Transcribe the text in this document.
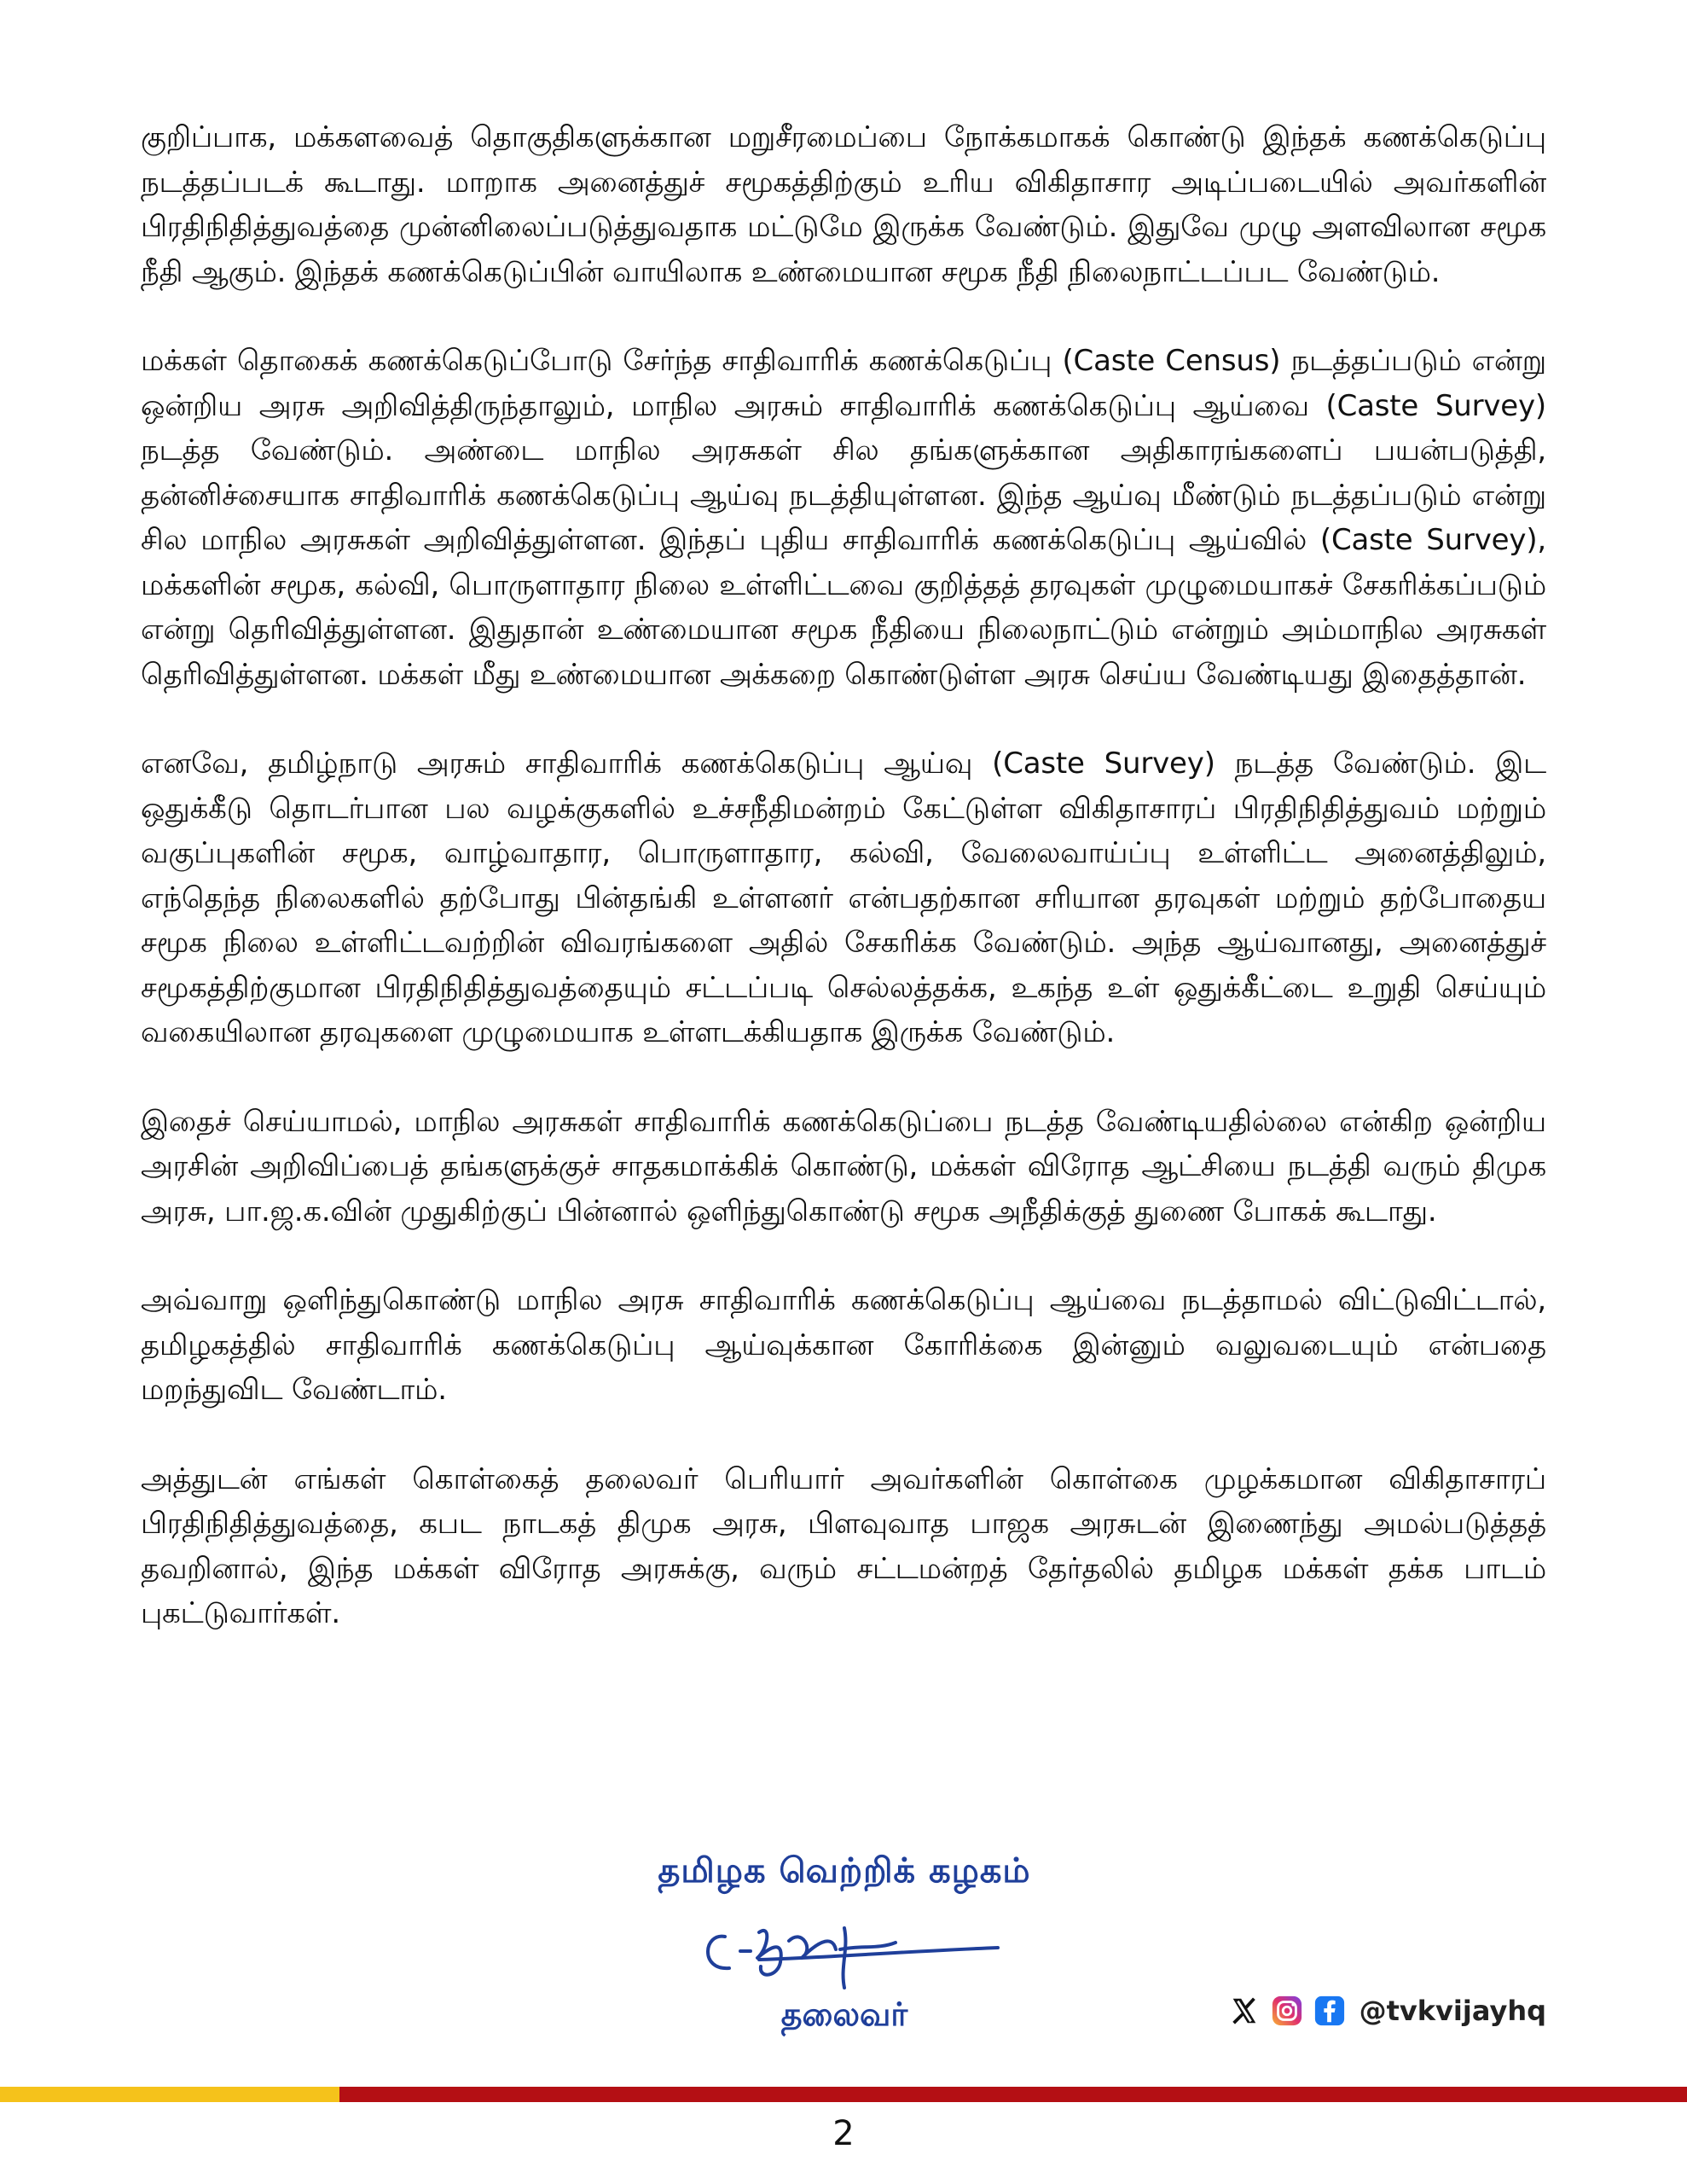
குறிப்பாக, மக்களவைத் தொகுதிகளுக்கான மறுசீரமைப்பை நோக்கமாகக் கொண்டு இந்தக் கணக்கெடுப்பு நடத்தப்படக் கூடாது. மாறாக அனைத்துச் சமூகத்திற்கும் உரிய விகிதாசார அடிப்படையில் அவர்களின் பிரதிநிதித்துவத்தை முன்னிலைப்படுத்துவதாக மட்டுமே இருக்க வேண்டும். இதுவே முழு அளவிலான சமூக நீதி ஆகும். இந்தக் கணக்கெடுப்பின் வாயிலாக உண்மையான சமூக நீதி நிலைநாட்டப்பட வேண்டும்.

மக்கள் தொகைக் கணக்கெடுப்போடு சேர்ந்த சாதிவாரிக் கணக்கெடுப்பு (Caste Census) நடத்தப்படும் என்று ஒன்றிய அரசு அறிவித்திருந்தாலும், மாநில அரசும் சாதிவாரிக் கணக்கெடுப்பு ஆய்வை (Caste Survey) நடத்த வேண்டும். அண்டை மாநில அரசுகள் சில தங்களுக்கான அதிகாரங்களைப் பயன்படுத்தி, தன்னிச்சையாக சாதிவாரிக் கணக்கெடுப்பு ஆய்வு நடத்தியுள்ளன. இந்த ஆய்வு மீண்டும் நடத்தப்படும் என்று சில மாநில அரசுகள் அறிவித்துள்ளன. இந்தப் புதிய சாதிவாரிக் கணக்கெடுப்பு ஆய்வில் (Caste Survey), மக்களின் சமூக, கல்வி, பொருளாதார நிலை உள்ளிட்டவை குறித்தத் தரவுகள் முழுமையாகச் சேகரிக்கப்படும் என்று தெரிவித்துள்ளன. இதுதான் உண்மையான சமூக நீதியை நிலைநாட்டும் என்றும் அம்மாநில அரசுகள் தெரிவித்துள்ளன. மக்கள் மீது உண்மையான அக்கறை கொண்டுள்ள அரசு செய்ய வேண்டியது இதைத்தான்.

எனவே, தமிழ்நாடு அரசும் சாதிவாரிக் கணக்கெடுப்பு ஆய்வு (Caste Survey) நடத்த வேண்டும். இட ஒதுக்கீடு தொடர்பான பல வழக்குகளில் உச்சநீதிமன்றம் கேட்டுள்ள விகிதாசாரப் பிரதிநிதித்துவம் மற்றும் வகுப்புகளின் சமூக, வாழ்வாதார, பொருளாதார, கல்வி, வேலைவாய்ப்பு உள்ளிட்ட அனைத்திலும், எந்தெந்த நிலைகளில் தற்போது பின்தங்கி உள்ளனர் என்பதற்கான சரியான தரவுகள் மற்றும் தற்போதைய சமூக நிலை உள்ளிட்டவற்றின் விவரங்களை அதில் சேகரிக்க வேண்டும். அந்த ஆய்வானது, அனைத்துச் சமூகத்திற்குமான பிரதிநிதித்துவத்தையும் சட்டப்படி செல்லத்தக்க, உகந்த உள் ஒதுக்கீட்டை உறுதி செய்யும் வகையிலான தரவுகளை முழுமையாக உள்ளடக்கியதாக இருக்க வேண்டும்.

இதைச் செய்யாமல், மாநில அரசுகள் சாதிவாரிக் கணக்கெடுப்பை நடத்த வேண்டியதில்லை என்கிற ஒன்றிய அரசின் அறிவிப்பைத் தங்களுக்குச் சாதகமாக்கிக் கொண்டு, மக்கள் விரோத ஆட்சியை நடத்தி வரும் திமுக அரசு, பா.ஜ.க.வின் முதுகிற்குப் பின்னால் ஒளிந்துகொண்டு சமூக அநீதிக்குத் துணை போகக் கூடாது.

அவ்வாறு ஒளிந்துகொண்டு மாநில அரசு சாதிவாரிக் கணக்கெடுப்பு ஆய்வை நடத்தாமல் விட்டுவிட்டால், தமிழகத்தில் சாதிவாரிக் கணக்கெடுப்பு ஆய்வுக்கான கோரிக்கை இன்னும் வலுவடையும் என்பதை மறந்துவிட வேண்டாம்.

அத்துடன் எங்கள் கொள்கைத் தலைவர் பெரியார் அவர்களின் கொள்கை முழக்கமான விகிதாசாரப் பிரதிநிதித்துவத்தை, கபட நாடகத் திமுக அரசு, பிளவுவாத பாஜக அரசுடன் இணைந்து அமல்படுத்தத் தவறினால், இந்த மக்கள் விரோத அரசுக்கு, வரும் சட்டமன்றத் தேர்தலில் தமிழக மக்கள் தக்க பாடம் புகட்டுவார்கள்.

தமிழக வெற்றிக் கழகம்
தலைவர்	@tvkvijayhq
2
